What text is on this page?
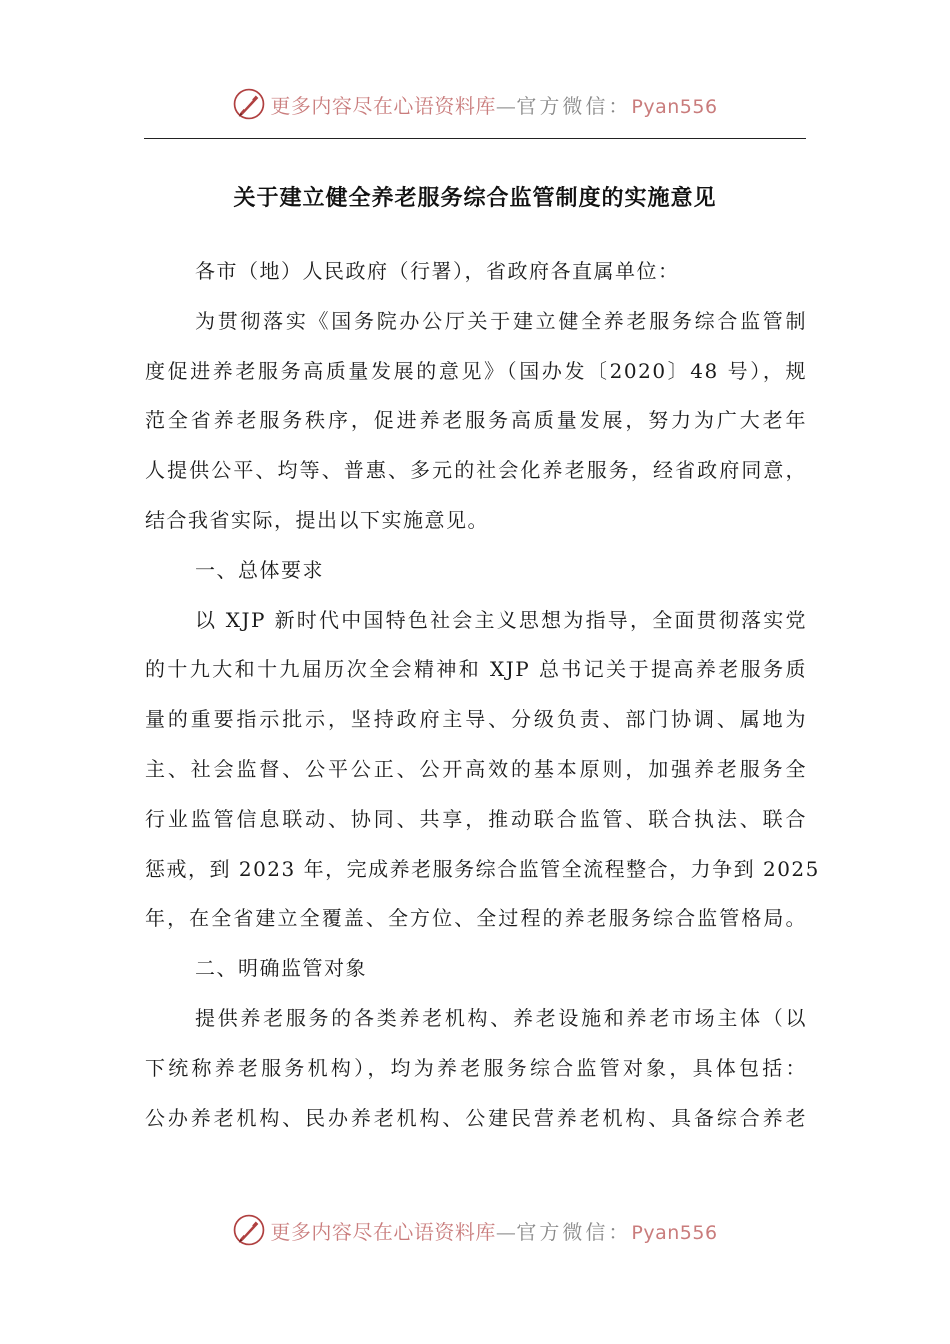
更多内容尽在心语资料库—官方微信：Pyan556
关于建立健全养老服务综合监管制度的实施意见
各市（地）人民政府（行署），省政府各直属单位：
为贯彻落实《国务院办公厅关于建立健全养老服务综合监管制
度促进养老服务高质量发展的意见》（国办发〔2020〕48 号），规
范全省养老服务秩序，促进养老服务高质量发展，努力为广大老年
人提供公平、均等、普惠、多元的社会化养老服务，经省政府同意，
结合我省实际，提出以下实施意见。
一、总体要求
以 XJP 新时代中国特色社会主义思想为指导，全面贯彻落实党
的十九大和十九届历次全会精神和 XJP 总书记关于提高养老服务质
量的重要指示批示，坚持政府主导、分级负责、部门协调、属地为
主、社会监督、公平公正、公开高效的基本原则，加强养老服务全
行业监管信息联动、协同、共享，推动联合监管、联合执法、联合
惩戒，到 2023 年，完成养老服务综合监管全流程整合，力争到 2025
年，在全省建立全覆盖、全方位、全过程的养老服务综合监管格局。
二、明确监管对象
提供养老服务的各类养老机构、养老设施和养老市场主体（以
下统称养老服务机构），均为养老服务综合监管对象，具体包括：
公办养老机构、民办养老机构、公建民营养老机构、具备综合养老
更多内容尽在心语资料库—官方微信：Pyan556
